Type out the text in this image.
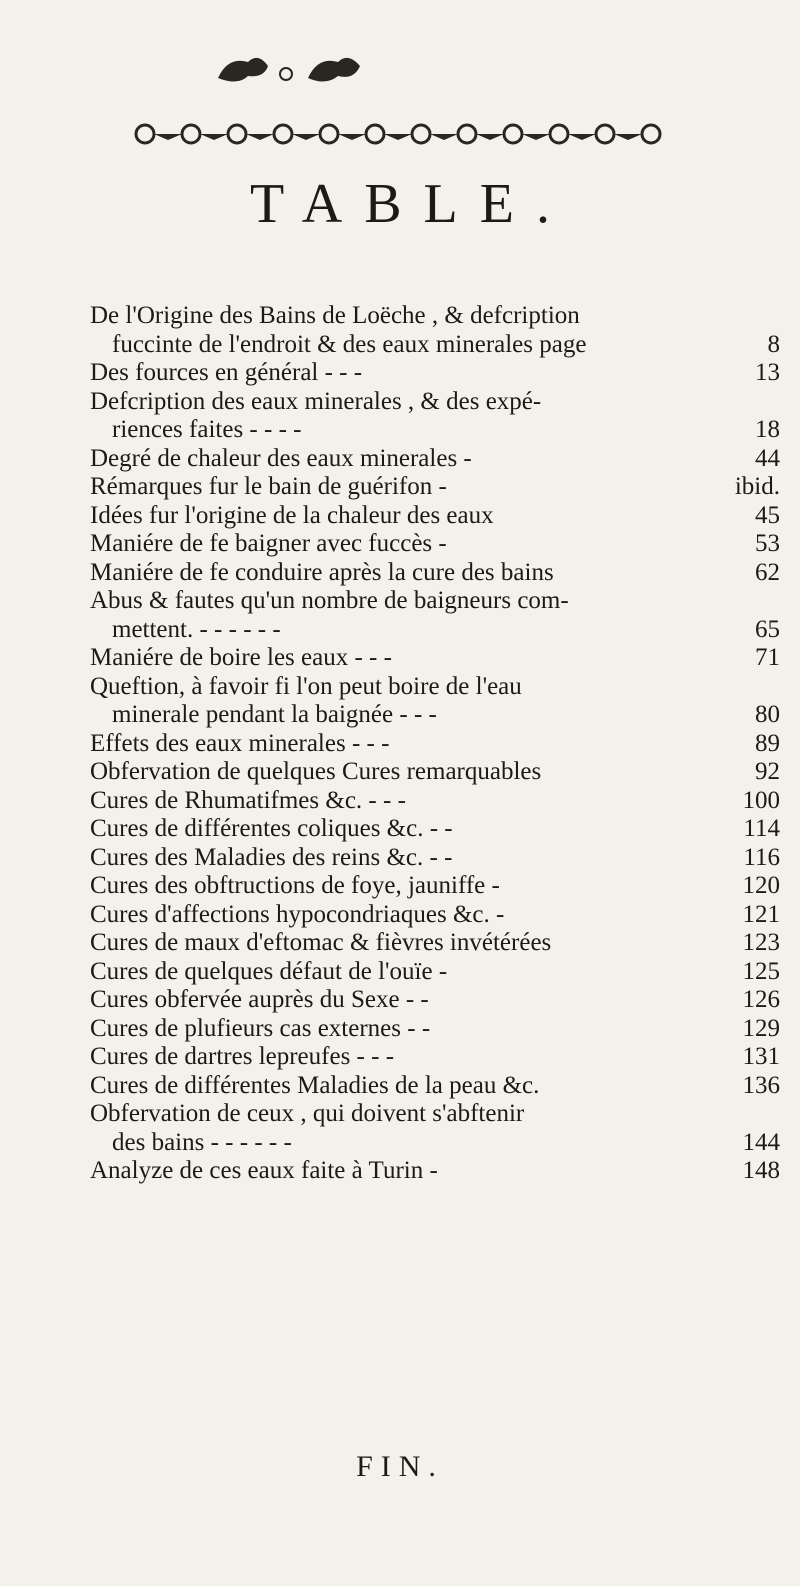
TABLE.
De l'Origine des Bains de Loëche , & defcription
fuccinte de l'endroit & des eaux minerales page	8
Des fources en général - - -	13
Defcription des eaux minerales , & des expé-
riences faites - - - -	18
Degré de chaleur des eaux minerales -	44
Rémarques fur le bain de guérifon -	ibid.
Idées fur l'origine de la chaleur des eaux	45
Maniére de fe baigner avec fuccès -	53
Maniére de fe conduire après la cure des bains	62
Abus & fautes qu'un nombre de baigneurs com-
mettent. - - - - - -	65
Maniére de boire les eaux - - -	71
Queftion, à favoir fi l'on peut boire de l'eau
minerale pendant la baignée - - -	80
Effets des eaux minerales - - -	89
Obfervation de quelques Cures remarquables	92
Cures de Rhumatifmes &c. - - -	100
Cures de différentes coliques &c. - -	114
Cures des Maladies des reins &c. - -	116
Cures des obftructions de foye, jauniffe -	120
Cures d'affections hypocondriaques &c. -	121
Cures de maux d'eftomac & fièvres invétérées	123
Cures de quelques défaut de l'ouïe -	125
Cures obfervée auprès du Sexe - -	126
Cures de plufieurs cas externes - -	129
Cures de dartres lepreufes - - -	131
Cures de différentes Maladies de la peau &c.	136
Obfervation de ceux , qui doivent s'abftenir
des bains - - - - - -	144
Analyze de ces eaux faite à Turin -	148
FIN.
